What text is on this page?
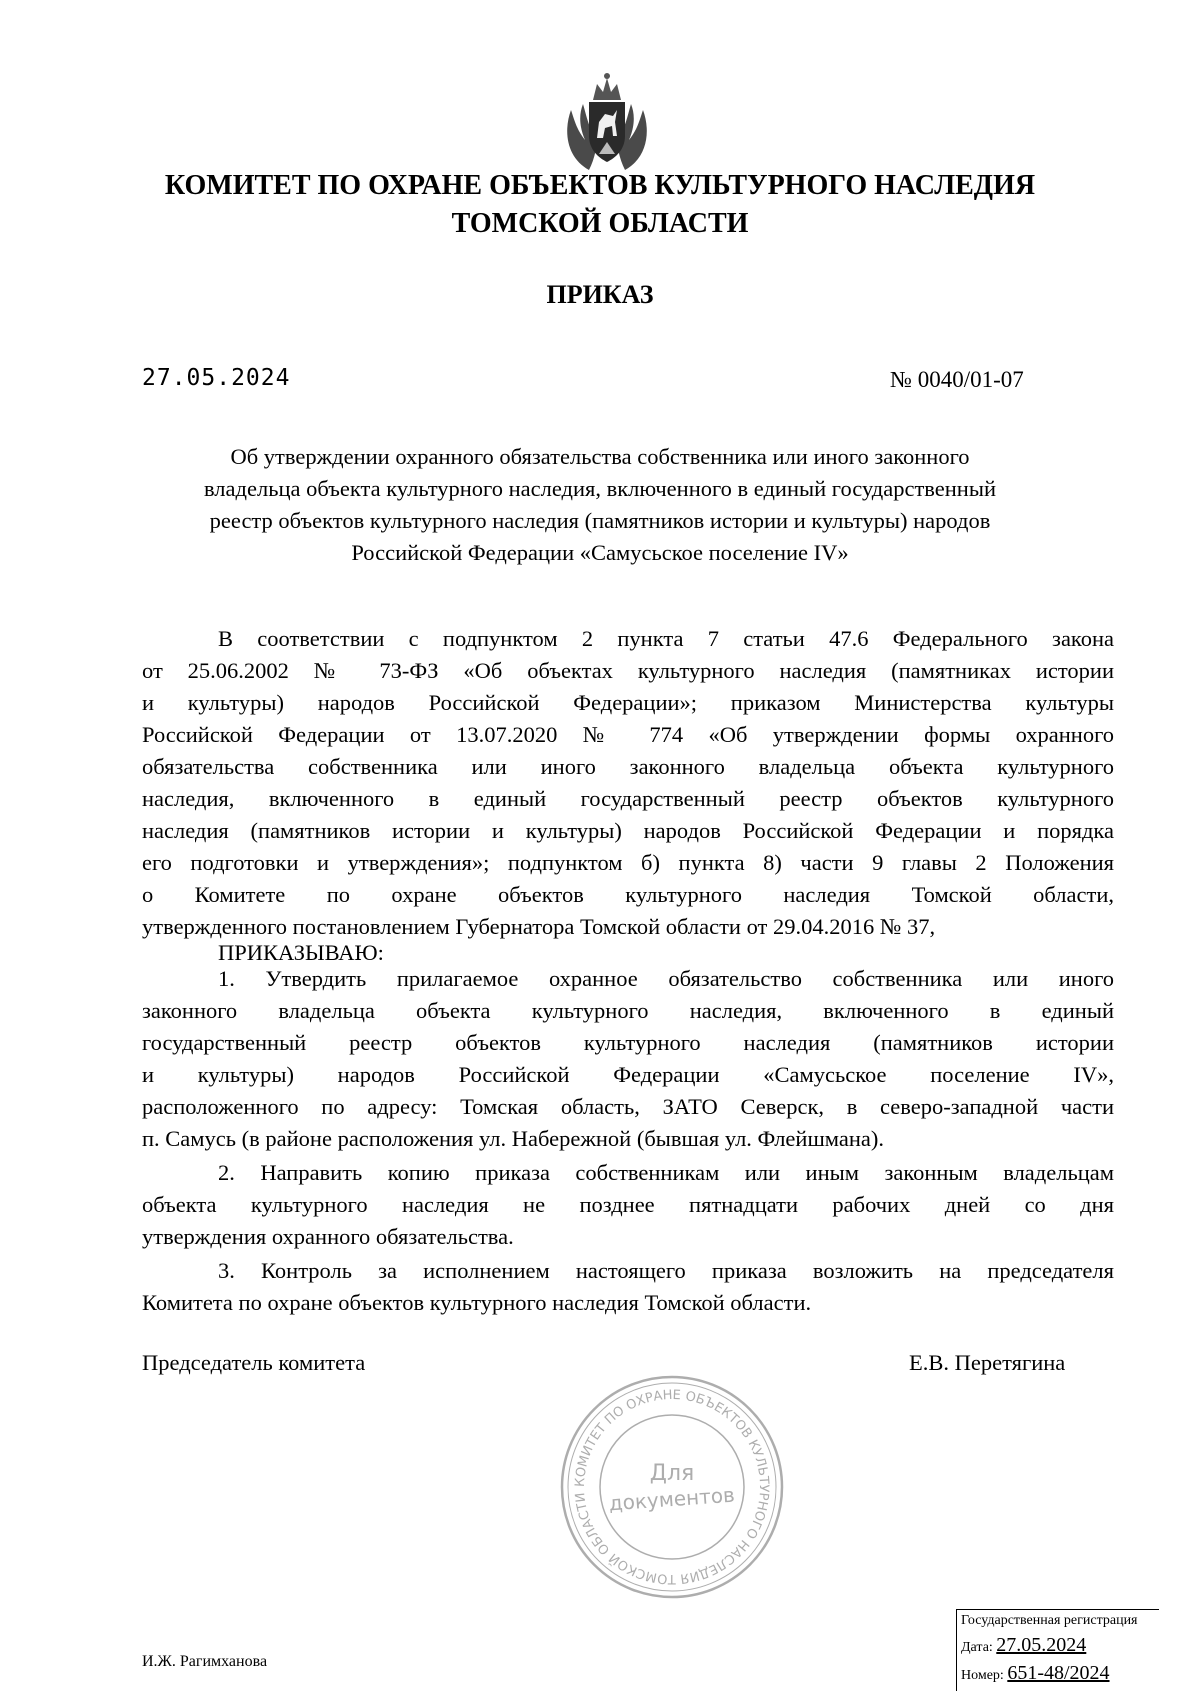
КОМИТЕТ ПО ОХРАНЕ ОБЪЕКТОВ КУЛЬТУРНОГО НАСЛЕДИЯ
ТОМСКОЙ ОБЛАСТИ
ПРИКАЗ
27.05.2024	№ 0040/01-07
Об утверждении охранного обязательства собственника или иного законного
владельца объекта культурного наследия, включенного в единый государственный
реестр объектов культурного наследия (памятников истории и культуры) народов
Российской Федерации «Самусьское поселение IV»
В соответствии с подпунктом 2 пункта 7 статьи 47.6 Федерального закона
от 25.06.2002 № 73-ФЗ «Об объектах культурного наследия (памятниках истории
и культуры) народов Российской Федерации»; приказом Министерства культуры
Российской Федерации от 13.07.2020 № 774 «Об утверждении формы охранного
обязательства собственника или иного законного владельца объекта культурного
наследия, включенного в единый государственный реестр объектов культурного
наследия (памятников истории и культуры) народов Российской Федерации и порядка
его подготовки и утверждения»; подпунктом б) пункта 8) части 9 главы 2 Положения
о Комитете по охране объектов культурного наследия Томской области,
утвержденного постановлением Губернатора Томской области от 29.04.2016 № 37,
ПРИКАЗЫВАЮ:
1. Утвердить прилагаемое охранное обязательство собственника или иного
законного владельца объекта культурного наследия, включенного в единый
государственный реестр объектов культурного наследия (памятников истории
и культуры) народов Российской Федерации «Самусьское поселение IV»,
расположенного по адресу: Томская область, ЗАТО Северск, в северо-западной части
п. Самусь (в районе расположения ул. Набережной (бывшая ул. Флейшмана).
2. Направить копию приказа собственникам или иным законным владельцам
объекта культурного наследия не позднее пятнадцати рабочих дней со дня
утверждения охранного обязательства.
3. Контроль за исполнением настоящего приказа возложить на председателя
Комитета по охране объектов культурного наследия Томской области.
Председатель комитета	Е.В. Перетягина
КОМИТЕТ ПО ОХРАНЕ ОБЪЕКТОВ КУЛЬТУРНОГО НАСЛЕДИЯ ТОМСКОЙ ОБЛАСТИ
Для
документов
И.Ж. Рагимханова
Государственная регистрация
Дата: 27.05.2024
Номер: 651-48/2024
